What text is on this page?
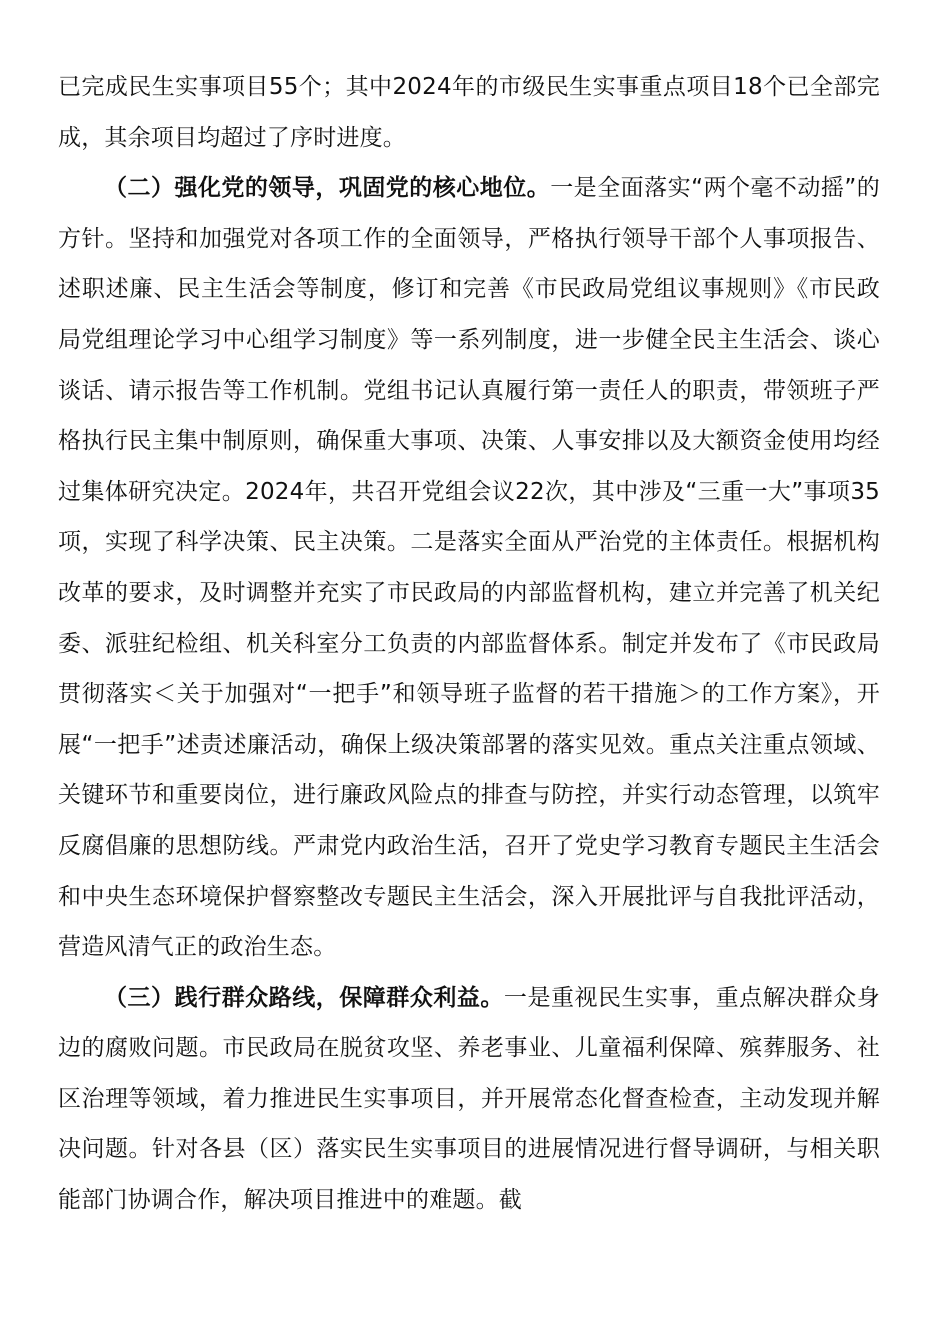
已完成民生实事项目55个；其中2024年的市级民生实事重点项目18个已全部完成，其余项目均超过了序时进度。

（二）强化党的领导，巩固党的核心地位。一是全面落实“两个毫不动摇”的方针。坚持和加强党对各项工作的全面领导，严格执行领导干部个人事项报告、述职述廉、民主生活会等制度，修订和完善《市民政局党组议事规则》《市民政局党组理论学习中心组学习制度》等一系列制度，进一步健全民主生活会、谈心谈话、请示报告等工作机制。党组书记认真履行第一责任人的职责，带领班子严格执行民主集中制原则，确保重大事项、决策、人事安排以及大额资金使用均经过集体研究决定。2024年，共召开党组会议22次，其中涉及“三重一大”事项35项，实现了科学决策、民主决策。二是落实全面从严治党的主体责任。根据机构改革的要求，及时调整并充实了市民政局的内部监督机构，建立并完善了机关纪委、派驻纪检组、机关科室分工负责的内部监督体系。制定并发布了《市民政局贯彻落实＜关于加强对“一把手”和领导班子监督的若干措施＞的工作方案》，开展“一把手”述责述廉活动，确保上级决策部署的落实见效。重点关注重点领域、关键环节和重要岗位，进行廉政风险点的排查与防控，并实行动态管理，以筑牢反腐倡廉的思想防线。严肃党内政治生活，召开了党史学习教育专题民主生活会和中央生态环境保护督察整改专题民主生活会，深入开展批评与自我批评活动，营造风清气正的政治生态。

（三）践行群众路线，保障群众利益。一是重视民生实事，重点解决群众身边的腐败问题。市民政局在脱贫攻坚、养老事业、儿童福利保障、殡葬服务、社区治理等领域，着力推进民生实事项目，并开展常态化督查检查，主动发现并解决问题。针对各县（区）落实民生实事项目的进展情况进行督导调研，与相关职能部门协调合作，解决项目推进中的难题。截
